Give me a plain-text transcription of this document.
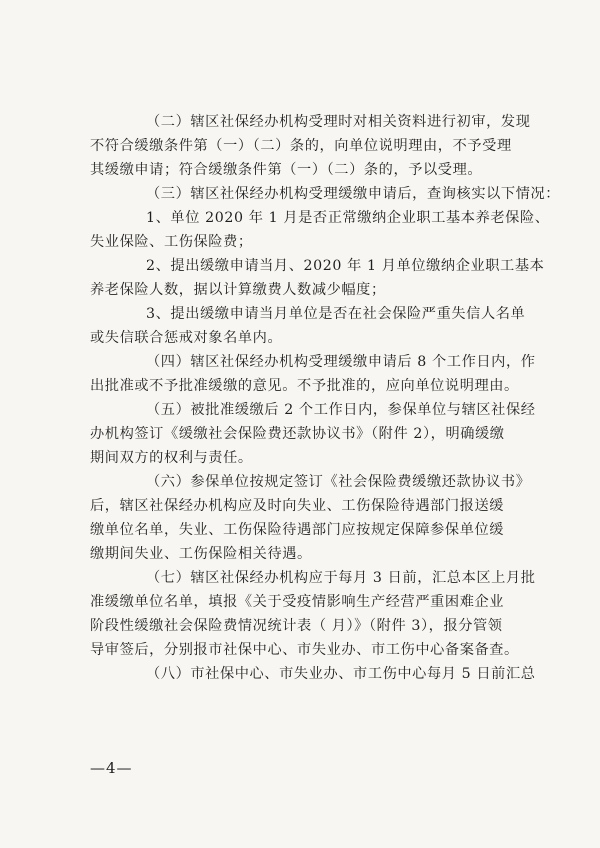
（二）辖区社保经办机构受理时对相关资料进行初审，发现
不符合缓缴条件第（一）（二）条的，向单位说明理由，不予受理
其缓缴申请；符合缓缴条件第（一）（二）条的，予以受理。

（三）辖区社保经办机构受理缓缴申请后，查询核实以下情况：

1、单位 2020 年 1 月是否正常缴纳企业职工基本养老保险、
失业保险、工伤保险费；

2、提出缓缴申请当月、2020 年 1 月单位缴纳企业职工基本
养老保险人数，据以计算缴费人数减少幅度；

3、提出缓缴申请当月单位是否在社会保险严重失信人名单
或失信联合惩戒对象名单内。

（四）辖区社保经办机构受理缓缴申请后 8 个工作日内，作
出批准或不予批准缓缴的意见。不予批准的，应向单位说明理由。

（五）被批准缓缴后 2 个工作日内，参保单位与辖区社保经
办机构签订《缓缴社会保险费还款协议书》（附件 2），明确缓缴
期间双方的权利与责任。

（六）参保单位按规定签订《社会保险费缓缴还款协议书》
后，辖区社保经办机构应及时向失业、工伤保险待遇部门报送缓
缴单位名单，失业、工伤保险待遇部门应按规定保障参保单位缓
缴期间失业、工伤保险相关待遇。

（七）辖区社保经办机构应于每月 3 日前，汇总本区上月批
准缓缴单位名单，填报《关于受疫情影响生产经营严重困难企业
阶段性缓缴社会保险费情况统计表（ 月）》（附件 3），报分管领
导审签后，分别报市社保中心、市失业办、市工伤中心备案备查。

（八）市社保中心、市失业办、市工伤中心每月 5 日前汇总

—4—
